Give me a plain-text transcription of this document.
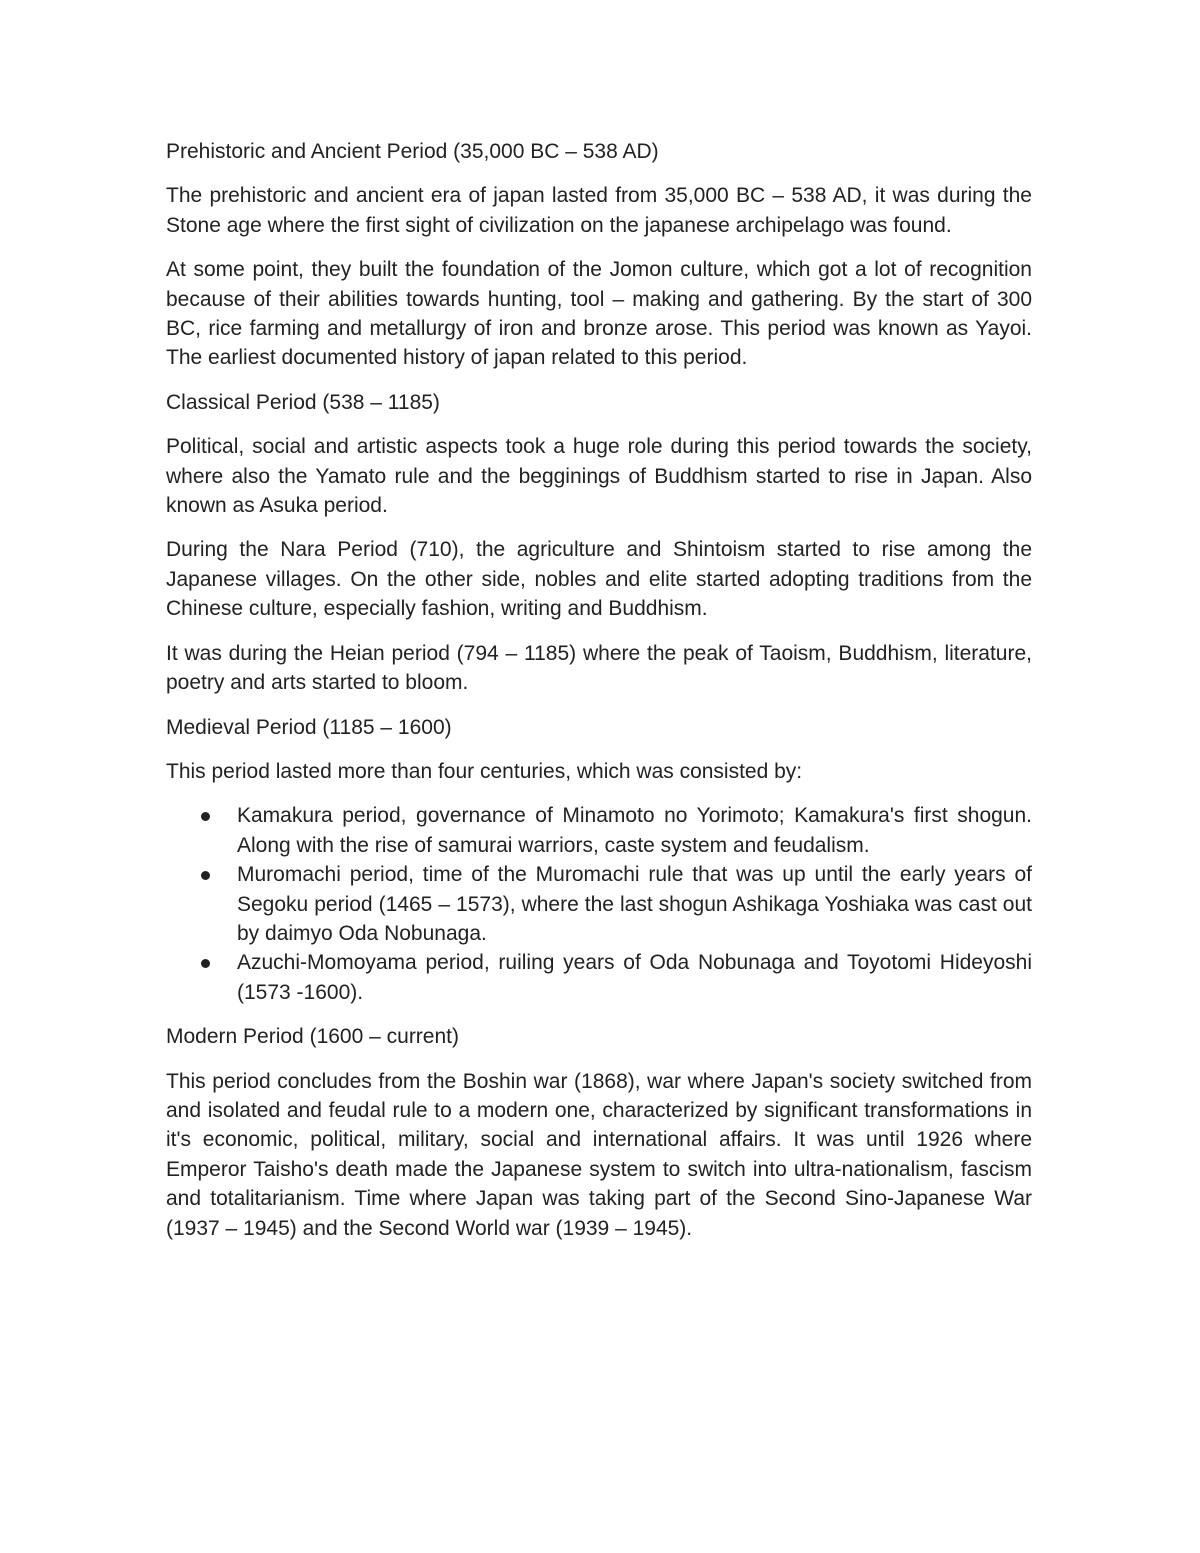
Prehistoric and Ancient Period (35,000 BC – 538 AD)

The prehistoric and ancient era of japan lasted from 35,000 BC – 538 AD, it was during the Stone age where the first sight of civilization on the japanese archipelago was found.

At some point, they built the foundation of the Jomon culture, which got a lot of recognition because of their abilities towards hunting, tool – making and gathering. By the start of 300 BC, rice farming and metallurgy of iron and bronze arose. This period was known as Yayoi. The earliest documented history of japan related to this period.

Classical Period (538 – 1185)

Political, social and artistic aspects took a huge role during this period towards the society, where also the Yamato rule and the begginings of Buddhism started to rise in Japan. Also known as Asuka period.

During the Nara Period (710), the agriculture and Shintoism started to rise among the Japanese villages. On the other side, nobles and elite started adopting traditions from the Chinese culture, especially fashion, writing and Buddhism.

It was during the Heian period (794 – 1185) where the peak of Taoism, Buddhism, literature, poetry and arts started to bloom.

Medieval Period (1185 – 1600)

This period lasted more than four centuries, which was consisted by:

Kamakura period, governance of Minamoto no Yorimoto; Kamakura's first shogun. Along with the rise of samurai warriors, caste system and feudalism.
Muromachi period, time of the Muromachi rule that was up until the early years of Segoku period (1465 – 1573), where the last shogun Ashikaga Yoshiaka was cast out by daimyo Oda Nobunaga.
Azuchi-Momoyama period, ruiling years of Oda Nobunaga and Toyotomi Hideyoshi (1573 -1600).

Modern Period (1600 – current)

This period concludes from the Boshin war (1868), war where Japan's society switched from and isolated and feudal rule to a modern one, characterized by significant transformations in it's economic, political, military, social and international affairs. It was until 1926 where Emperor Taisho's death made the Japanese system to switch into ultra-nationalism, fascism and totalitarianism. Time where Japan was taking part of the Second Sino-Japanese War (1937 – 1945) and the Second World war (1939 – 1945).
